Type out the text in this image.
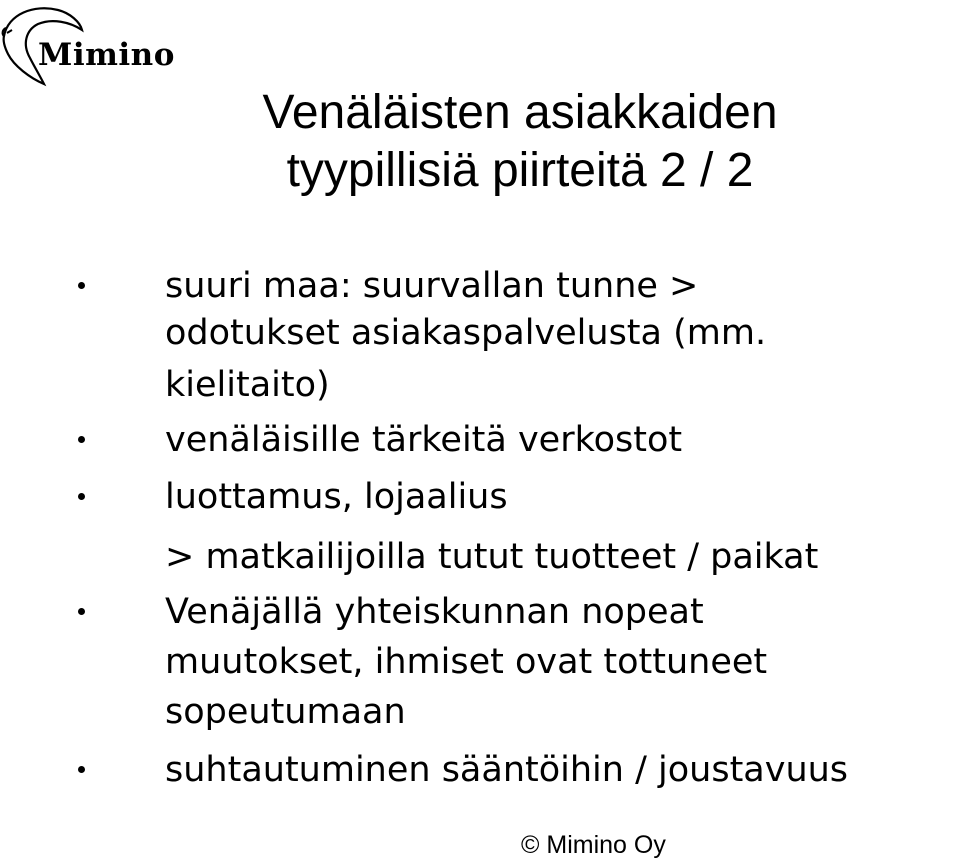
Mimino
Venäläisten asiakkaiden
tyypillisiä piirteitä 2 / 2
suuri maa: suurvallan tunne >
odotukset asiakaspalvelusta (mm.
kielitaito)
venäläisille tärkeitä verkostot
luottamus, lojaalius
> matkailijoilla tutut tuotteet / paikat
Venäjällä yhteiskunnan nopeat
muutokset, ihmiset ovat tottuneet
sopeutumaan
suhtautuminen sääntöihin / joustavuus
© Mimino Oy
